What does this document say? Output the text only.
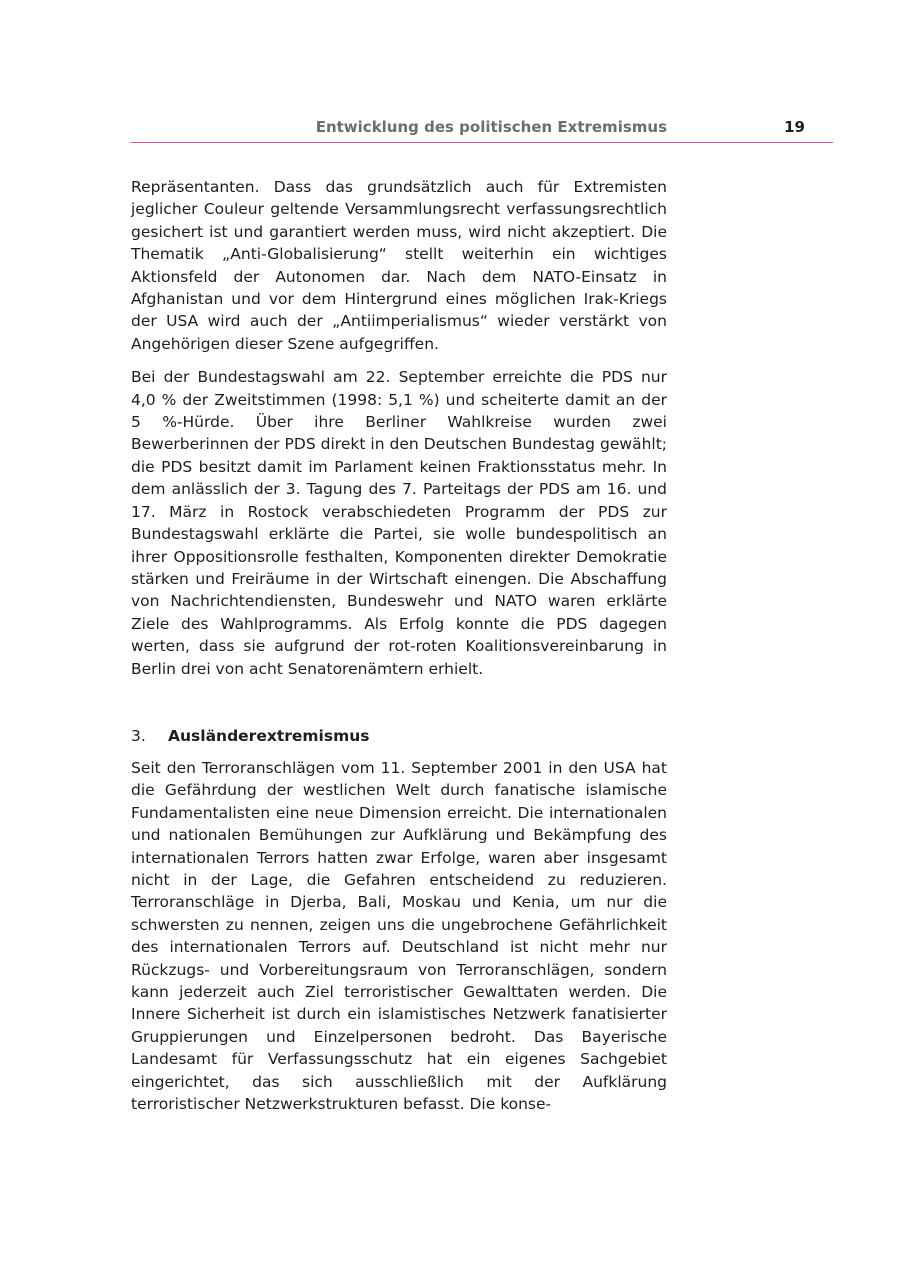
Entwicklung des politischen Extremismus	19

Repräsentanten. Dass das grundsätzlich auch für Extremisten jeglicher Couleur geltende Versammlungsrecht verfassungsrechtlich gesichert ist und garantiert werden muss, wird nicht akzeptiert. Die Thematik „Anti-Globalisierung“ stellt weiterhin ein wichtiges Aktionsfeld der Autonomen dar. Nach dem NATO-Einsatz in Afghanistan und vor dem Hintergrund eines möglichen Irak-Kriegs der USA wird auch der „Antiimperialismus“ wieder verstärkt von Angehörigen dieser Szene aufgegriffen.

Bei der Bundestagswahl am 22. September erreichte die PDS nur 4,0 % der Zweitstimmen (1998: 5,1 %) und scheiterte damit an der 5 %-Hürde. Über ihre Berliner Wahlkreise wurden zwei Bewerberinnen der PDS direkt in den Deutschen Bundestag gewählt; die PDS besitzt damit im Parlament keinen Fraktionsstatus mehr. In dem anlässlich der 3. Tagung des 7. Parteitags der PDS am 16. und 17. März in Rostock verabschiedeten Programm der PDS zur Bundestagswahl erklärte die Partei, sie wolle bundespolitisch an ihrer Oppositionsrolle festhalten, Komponenten direkter Demokratie stärken und Freiräume in der Wirtschaft einengen. Die Abschaffung von Nachrichtendiensten, Bundeswehr und NATO waren erklärte Ziele des Wahlprogramms. Als Erfolg konnte die PDS dagegen werten, dass sie aufgrund der rot-roten Koalitionsvereinbarung in Berlin drei von acht Senatorenämtern erhielt.

3. Ausländerextremismus

Seit den Terroranschlägen vom 11. September 2001 in den USA hat die Gefährdung der westlichen Welt durch fanatische islamische Fundamentalisten eine neue Dimension erreicht. Die internationalen und nationalen Bemühungen zur Aufklärung und Bekämpfung des internationalen Terrors hatten zwar Erfolge, waren aber insgesamt nicht in der Lage, die Gefahren entscheidend zu reduzieren. Terroranschläge in Djerba, Bali, Moskau und Kenia, um nur die schwersten zu nennen, zeigen uns die ungebrochene Gefährlichkeit des internationalen Terrors auf. Deutschland ist nicht mehr nur Rückzugs- und Vorbereitungsraum von Terroranschlägen, sondern kann jederzeit auch Ziel terroristischer Gewalttaten werden. Die Innere Sicherheit ist durch ein islamistisches Netzwerk fanatisierter Gruppierungen und Einzelpersonen bedroht. Das Bayerische Landesamt für Verfassungsschutz hat ein eigenes Sachgebiet eingerichtet, das sich ausschließlich mit der Aufklärung terroristischer Netzwerkstrukturen befasst. Die konse-
